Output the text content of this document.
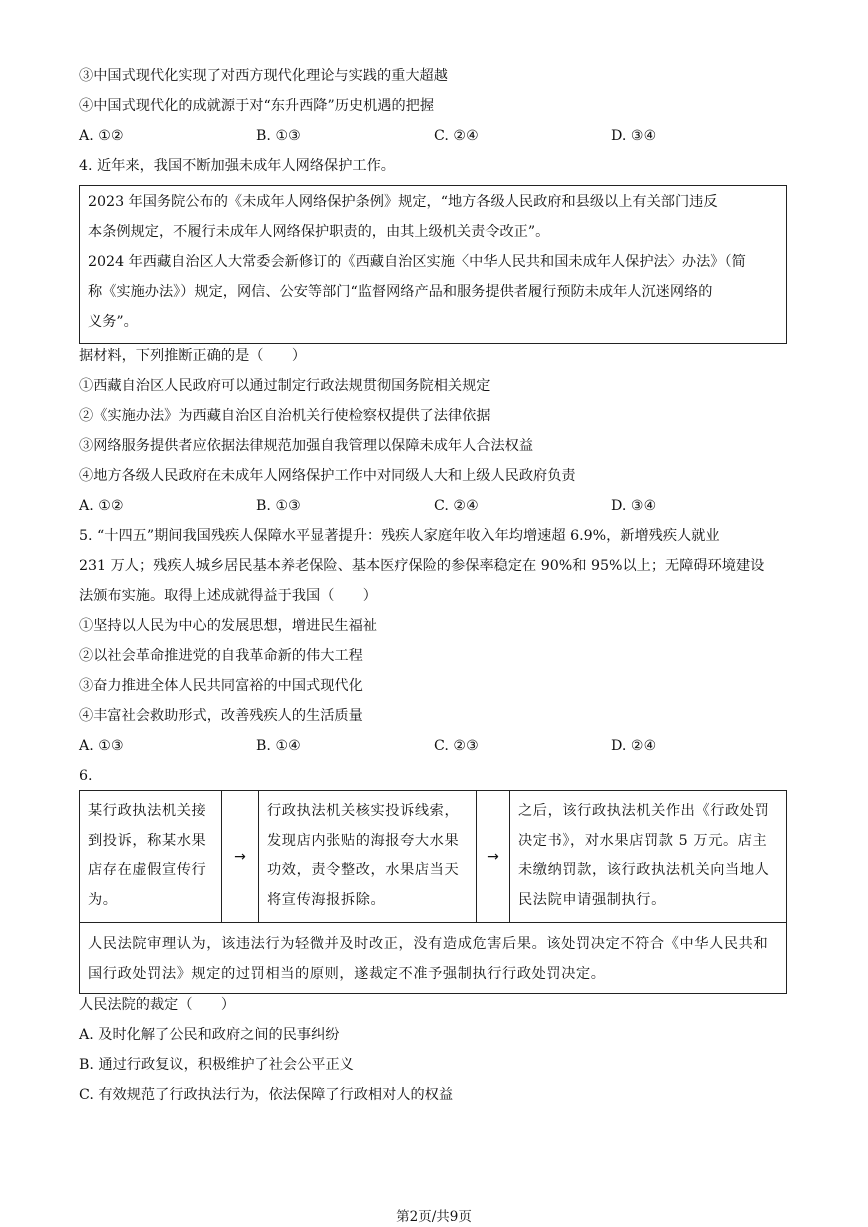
③中国式现代化实现了对西方现代化理论与实践的重大超越
④中国式现代化的成就源于对“东升西降”历史机遇的把握
A. ①②	B. ①③	C. ②④	D. ③④
4. 近年来，我国不断加强未成年人网络保护工作。
2023 年国务院公布的《未成年人网络保护条例》规定，“地方各级人民政府和县级以上有关部门违反
本条例规定，不履行未成年人网络保护职责的，由其上级机关责令改正”。
2024 年西藏自治区人大常委会新修订的《西藏自治区实施〈中华人民共和国未成年人保护法〉办法》（简
称《实施办法》）规定，网信、公安等部门“监督网络产品和服务提供者履行预防未成年人沉迷网络的
义务”。
据材料，下列推断正确的是（　　）
①西藏自治区人民政府可以通过制定行政法规贯彻国务院相关规定
②《实施办法》为西藏自治区自治机关行使检察权提供了法律依据
③网络服务提供者应依据法律规范加强自我管理以保障未成年人合法权益
④地方各级人民政府在未成年人网络保护工作中对同级人大和上级人民政府负责
A. ①②	B. ①③	C. ②④	D. ③④
5. “十四五”期间我国残疾人保障水平显著提升：残疾人家庭年收入年均增速超 6.9%，新增残疾人就业
231 万人；残疾人城乡居民基本养老保险、基本医疗保险的参保率稳定在 90%和 95%以上；无障碍环境建设
法颁布实施。取得上述成就得益于我国（　　）
①坚持以人民为中心的发展思想，增进民生福祉
②以社会革命推进党的自我革命新的伟大工程
③奋力推进全体人民共同富裕的中国式现代化
④丰富社会救助形式，改善残疾人的生活质量
A. ①③	B. ①④	C. ②③	D. ②④
6.

某行政执法机关接到投诉，称某水果店存在虚假宣传行为。

→

行政执法机关核实投诉线索，发现店内张贴的海报夸大水果功效，责令整改，水果店当天将宣传海报拆除。

→

之后，该行政执法机关作出《行政处罚决定书》，对水果店罚款 5 万元。店主未缴纳罚款，该行政执法机关向当地人民法院申请强制执行。

人民法院审理认为，该违法行为轻微并及时改正，没有造成危害后果。该处罚决定不符合《中华人民共和国行政处罚法》规定的过罚相当的原则，遂裁定不准予强制执行行政处罚决定。

人民法院的裁定（　　）
A. 及时化解了公民和政府之间的民事纠纷
B. 通过行政复议，积极维护了社会公平正义
C. 有效规范了行政执法行为，依法保障了行政相对人的权益
第2页/共9页
